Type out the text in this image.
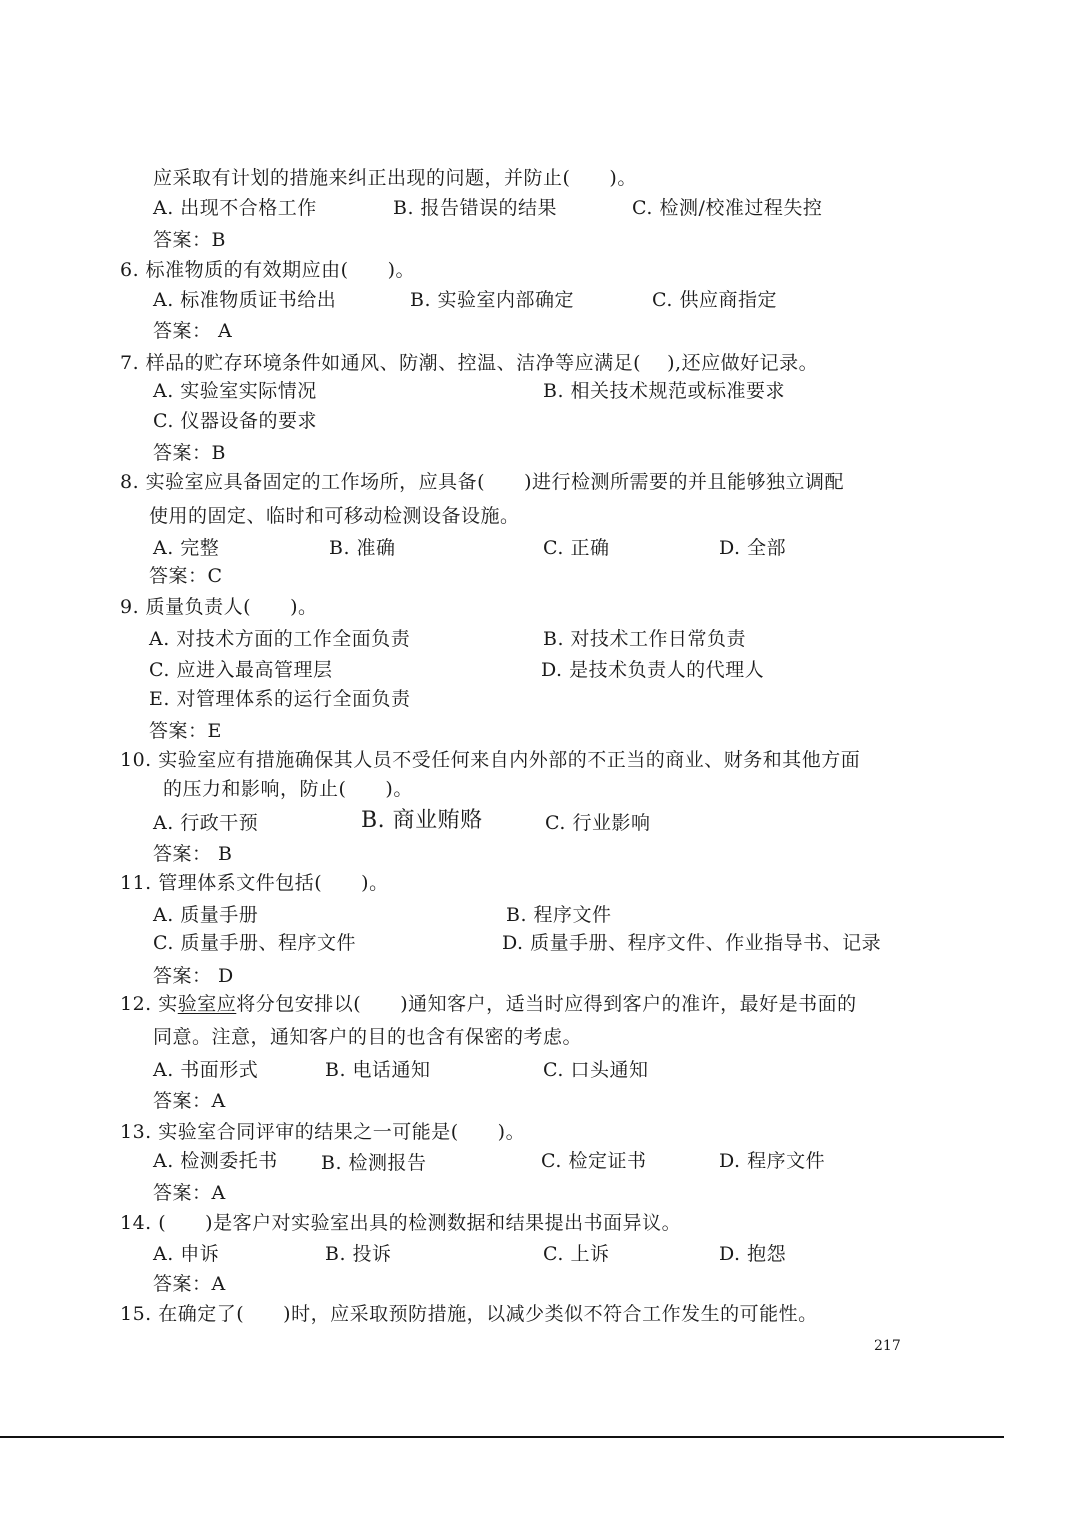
应采取有计划的措施来纠正出现的问题，并防止(　　)。
A. 出现不合格工作	B. 报告错误的结果	C. 检测/校准过程失控
答案：B
6. 标准物质的有效期应由(　　)。
A. 标准物质证书给出	B. 实验室内部确定	C. 供应商指定
答案： A
7. 样品的贮存环境条件如通风、防潮、控温、洁净等应满足(　 ),还应做好记录。
A. 实验室实际情况	B. 相关技术规范或标准要求
C. 仪器设备的要求
答案：B
8. 实验室应具备固定的工作场所，应具备(　　)进行检测所需要的并且能够独立调配
使用的固定、临时和可移动检测设备设施。
A. 完整	B. 准确	C. 正确	D. 全部
答案：C
9. 质量负责人(　　)。
A. 对技术方面的工作全面负责	B. 对技术工作日常负责
C. 应进入最高管理层	D. 是技术负责人的代理人
E. 对管理体系的运行全面负责
答案：E
10. 实验室应有措施确保其人员不受任何来自内外部的不正当的商业、财务和其他方面
的压力和影响，防止(　　)。
A. 行政干预	B. 商业贿赂	C. 行业影响
答案： B
11. 管理体系文件包括(　　)。
A. 质量手册	B. 程序文件
C. 质量手册、程序文件	D. 质量手册、程序文件、作业指导书、记录
答案： D
12. 实验室应将分包安排以(　　)通知客户，适当时应得到客户的准许，最好是书面的
同意。注意，通知客户的目的也含有保密的考虑。
A. 书面形式	B. 电话通知	C. 口头通知
答案：A
13. 实验室合同评审的结果之一可能是(　　)。
A. 检测委托书 B. 检测报告	C. 检定证书	D. 程序文件
答案：A
14. (　　)是客户对实验室出具的检测数据和结果提出书面异议。
A. 申诉	B. 投诉	C. 上诉	D. 抱怨
答案：A
15. 在确定了(　　)时，应采取预防措施，以减少类似不符合工作发生的可能性。
217
